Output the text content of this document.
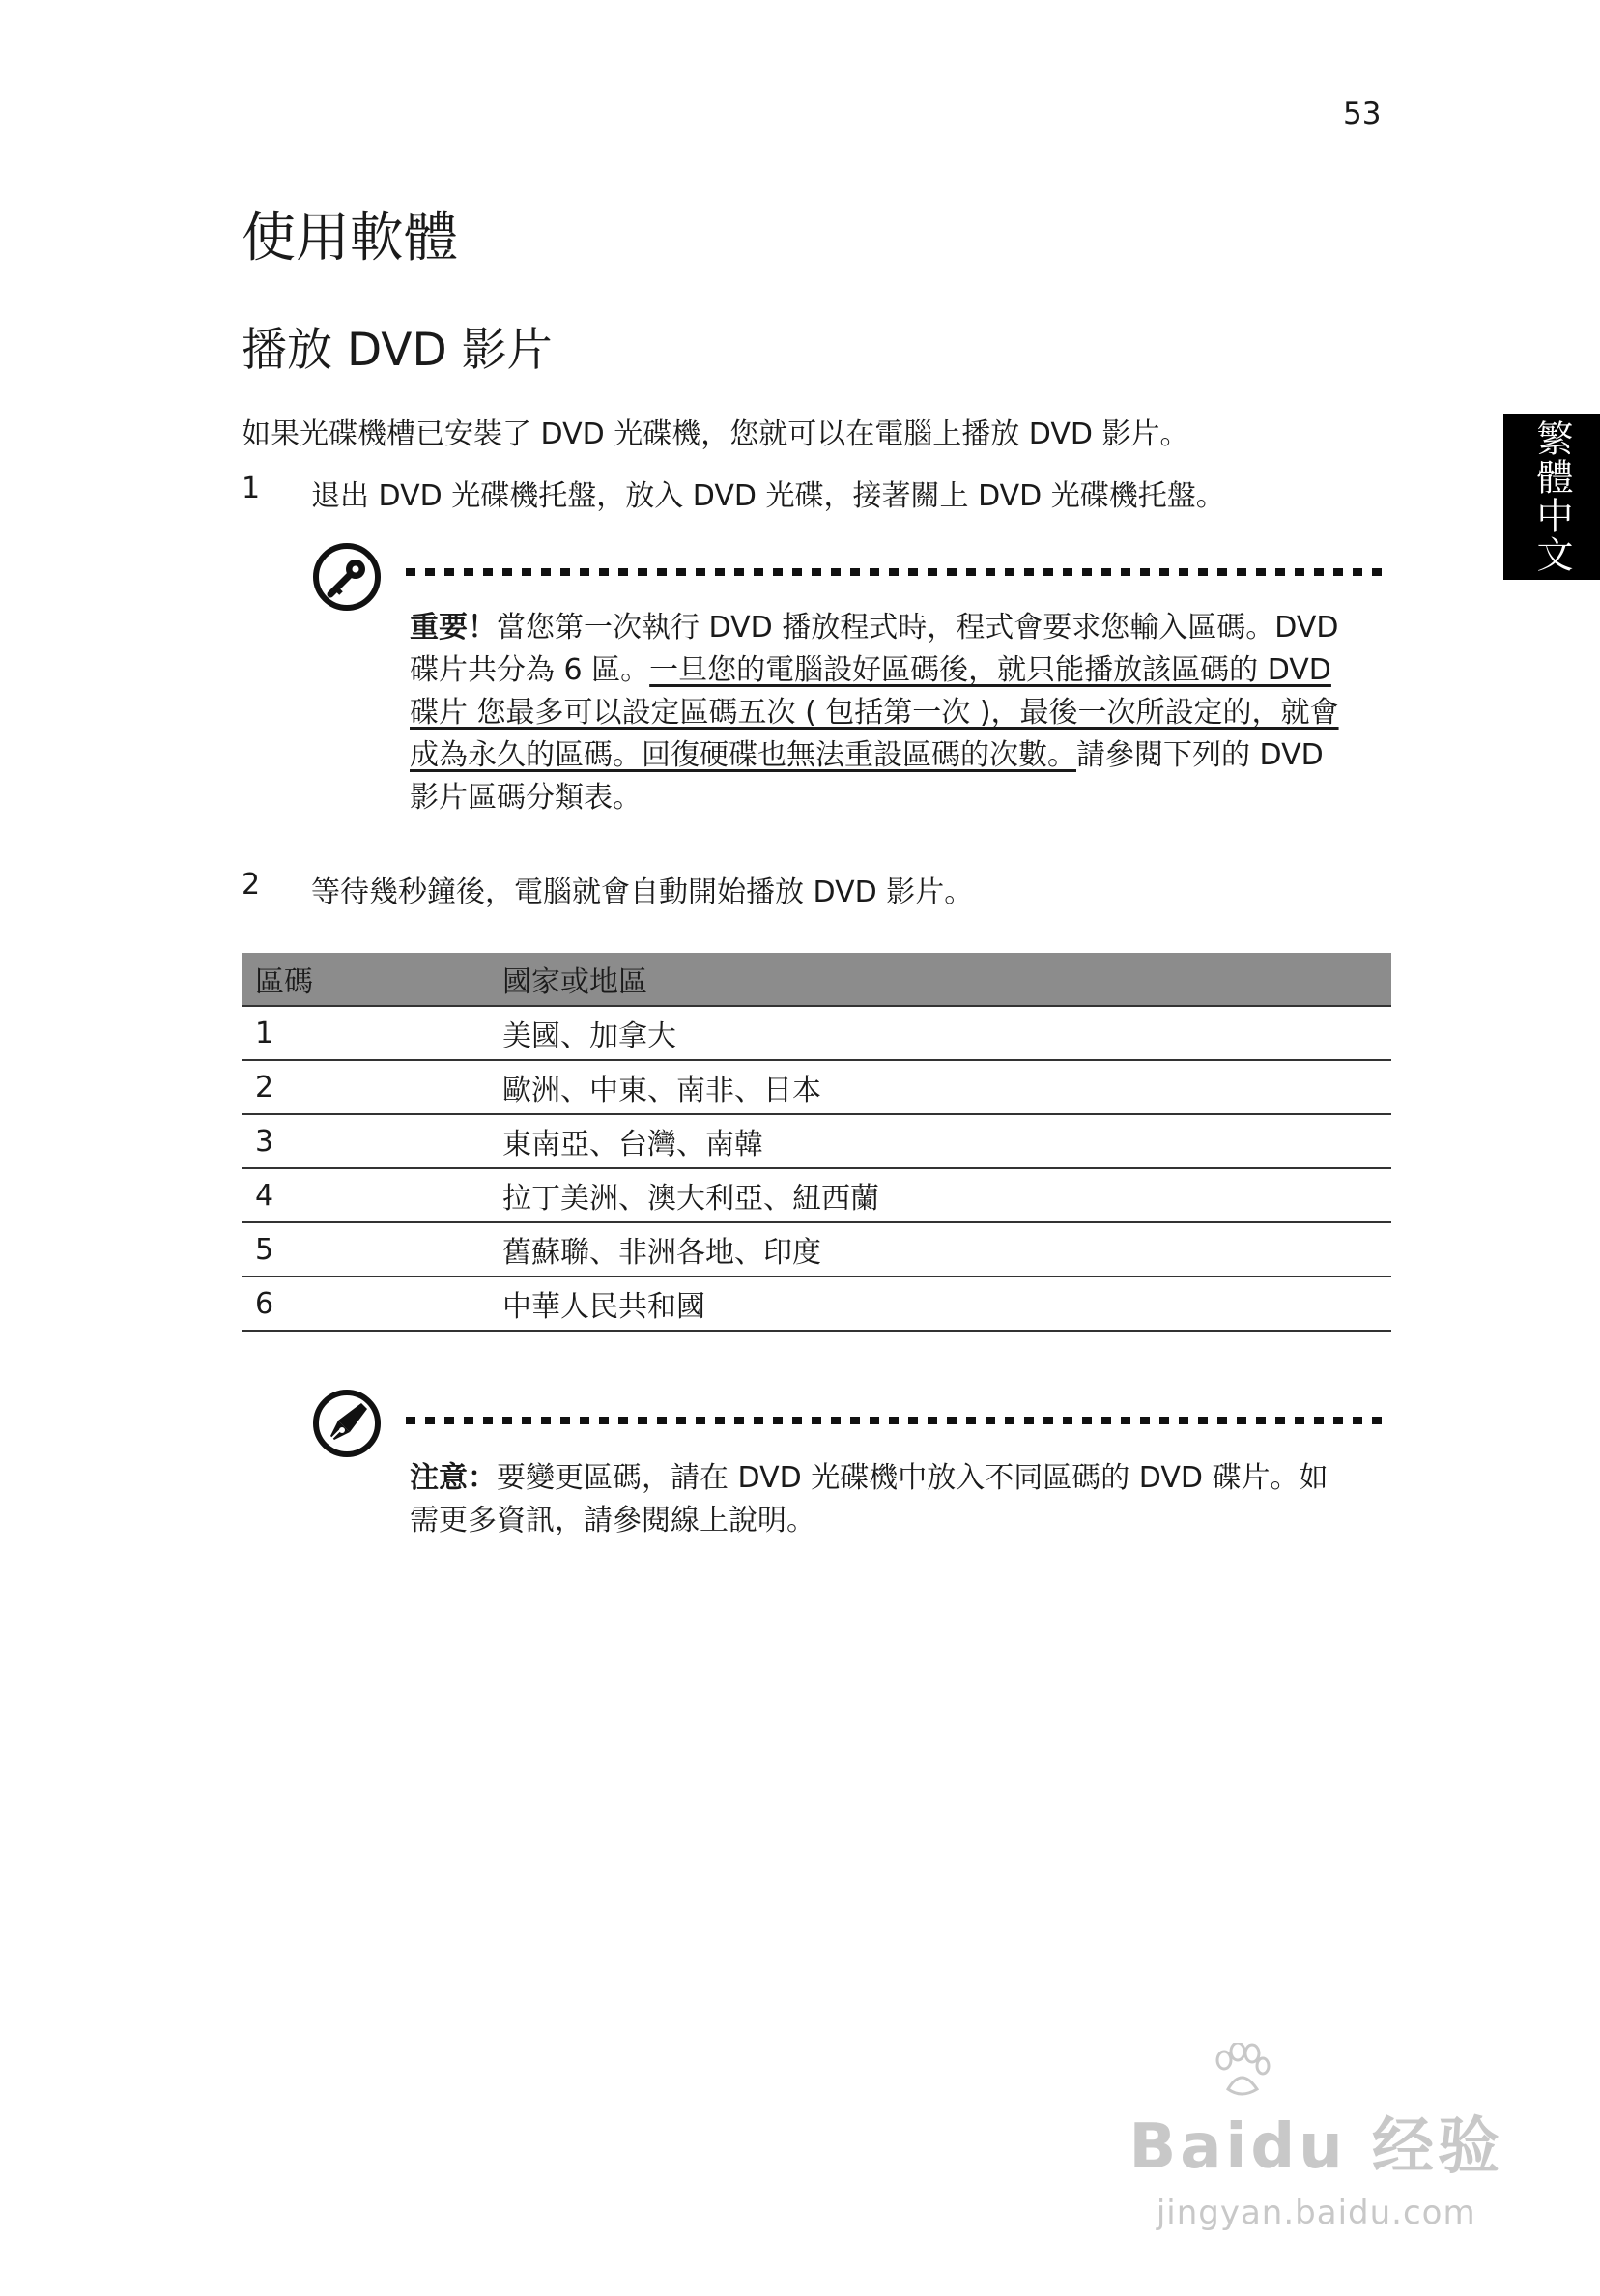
53
使用軟體
播放 DVD 影片
如果光碟機槽已安裝了 DVD 光碟機，您就可以在電腦上播放 DVD 影片。
1 退出 DVD 光碟機托盤，放入 DVD 光碟，接著關上 DVD 光碟機托盤。	繁體中文
重要！當您第一次執行 DVD 播放程式時，程式會要求您輸入區碼。DVD 碟片共分為 6 區。一旦您的電腦設好區碼後，就只能播放該區碼的 DVD 碟片 您最多可以設定區碼五次 ( 包括第一次 )，最後一次所設定的，就會成為永久的區碼。回復硬碟也無法重設區碼的次數。請參閱下列的 DVD 影片區碼分類表。
2 等待幾秒鐘後，電腦就會自動開始播放 DVD 影片。
區碼	國家或地區
1	美國、加拿大
2	歐洲、中東、南非、日本
3	東南亞、台灣、南韓
4	拉丁美洲、澳大利亞、紐西蘭
5	舊蘇聯、非洲各地、印度
6	中華人民共和國
注意：要變更區碼，請在 DVD 光碟機中放入不同區碼的 DVD 碟片。如需更多資訊，請參閱線上說明。
Baidu 经验
jingyan.baidu.com
